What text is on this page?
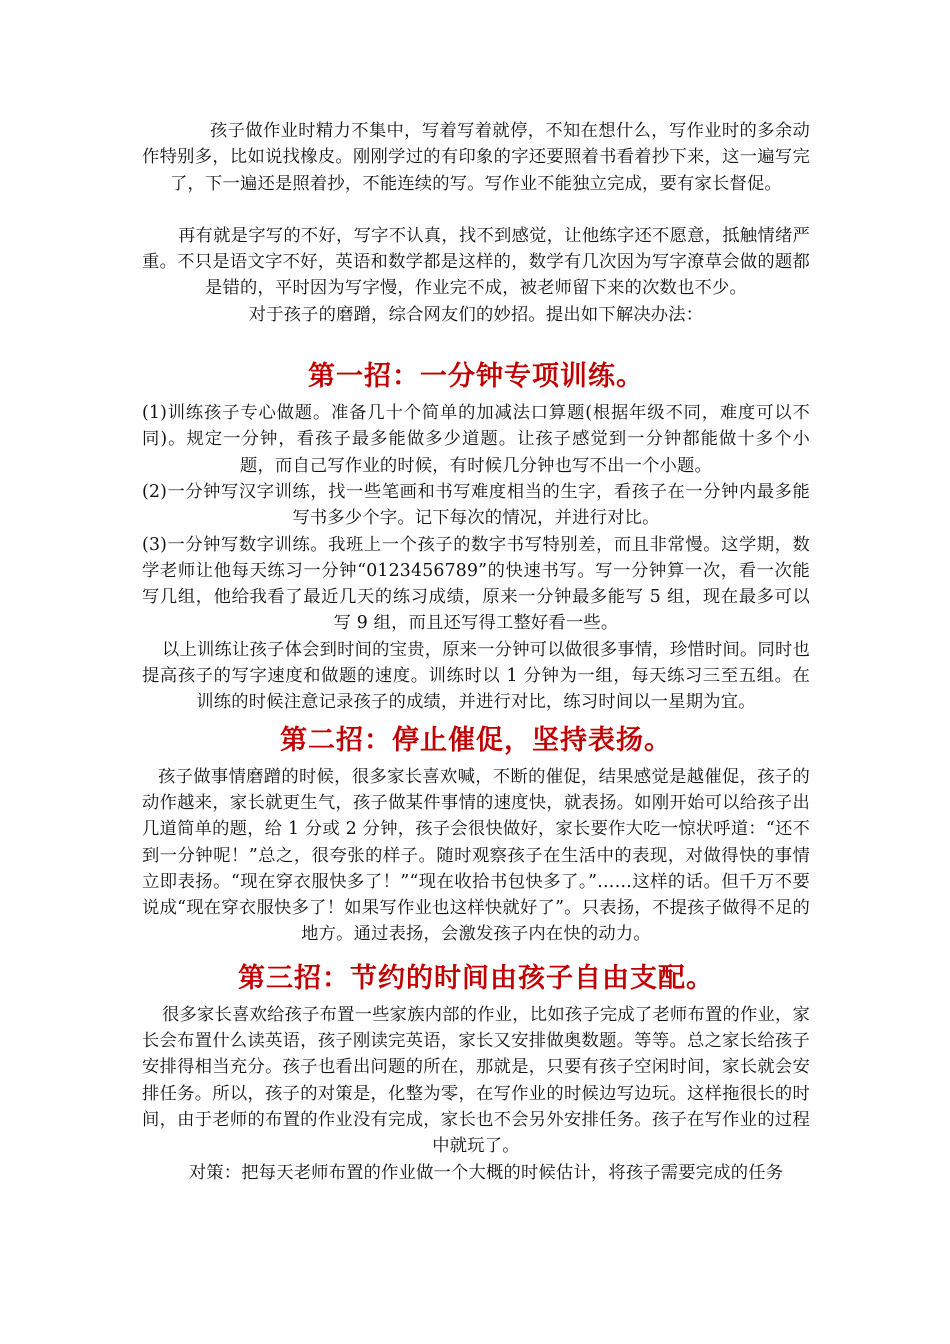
孩子做作业时精力不集中，写着写着就停，不知在想什么，写作业时的多余动作特别多，比如说找橡皮。刚刚学过的有印象的字还要照着书看着抄下来，这一遍写完了，下一遍还是照着抄，不能连续的写。写作业不能独立完成，要有家长督促。

再有就是字写的不好，写字不认真，找不到感觉，让他练字还不愿意，抵触情绪严重。不只是语文字不好，英语和数学都是这样的，数学有几次因为写字潦草会做的题都是错的，平时因为写字慢，作业完不成，被老师留下来的次数也不少。

对于孩子的磨蹭，综合网友们的妙招。提出如下解决办法：

第一招：一分钟专项训练。

(1)训练孩子专心做题。准备几十个简单的加减法口算题(根据年级不同，难度可以不同)。规定一分钟，看孩子最多能做多少道题。让孩子感觉到一分钟都能做十多个小题，而自己写作业的时候，有时候几分钟也写不出一个小题。

(2)一分钟写汉字训练，找一些笔画和书写难度相当的生字，看孩子在一分钟内最多能写书多少个字。记下每次的情况，并进行对比。

(3)一分钟写数字训练。我班上一个孩子的数字书写特别差，而且非常慢。这学期，数学老师让他每天练习一分钟“0123456789”的快速书写。写一分钟算一次，看一次能写几组，他给我看了最近几天的练习成绩，原来一分钟最多能写 5 组，现在最多可以写 9 组，而且还写得工整好看一些。

以上训练让孩子体会到时间的宝贵，原来一分钟可以做很多事情，珍惜时间。同时也提高孩子的写字速度和做题的速度。训练时以 1 分钟为一组，每天练习三至五组。在训练的时候注意记录孩子的成绩，并进行对比，练习时间以一星期为宜。

第二招：停止催促，坚持表扬。

孩子做事情磨蹭的时候，很多家长喜欢喊，不断的催促，结果感觉是越催促，孩子的动作越来，家长就更生气，孩子做某件事情的速度快，就表扬。如刚开始可以给孩子出几道简单的题，给 1 分或 2 分钟，孩子会很快做好，家长要作大吃一惊状呼道：“还不到一分钟呢！”总之，很夸张的样子。随时观察孩子在生活中的表现，对做得快的事情立即表扬。“现在穿衣服快多了！”“现在收拾书包快多了。”……这样的话。但千万不要说成“现在穿衣服快多了！如果写作业也这样快就好了”。只表扬，不提孩子做得不足的地方。通过表扬，会激发孩子内在快的动力。

第三招：节约的时间由孩子自由支配。

很多家长喜欢给孩子布置一些家族内部的作业，比如孩子完成了老师布置的作业，家长会布置什么读英语，孩子刚读完英语，家长又安排做奥数题。等等。总之家长给孩子安排得相当充分。孩子也看出问题的所在，那就是，只要有孩子空闲时间，家长就会安排任务。所以，孩子的对策是，化整为零，在写作业的时候边写边玩。这样拖很长的时间，由于老师的布置的作业没有完成，家长也不会另外安排任务。孩子在写作业的过程中就玩了。

对策：把每天老师布置的作业做一个大概的时候估计，将孩子需要完成的任务
